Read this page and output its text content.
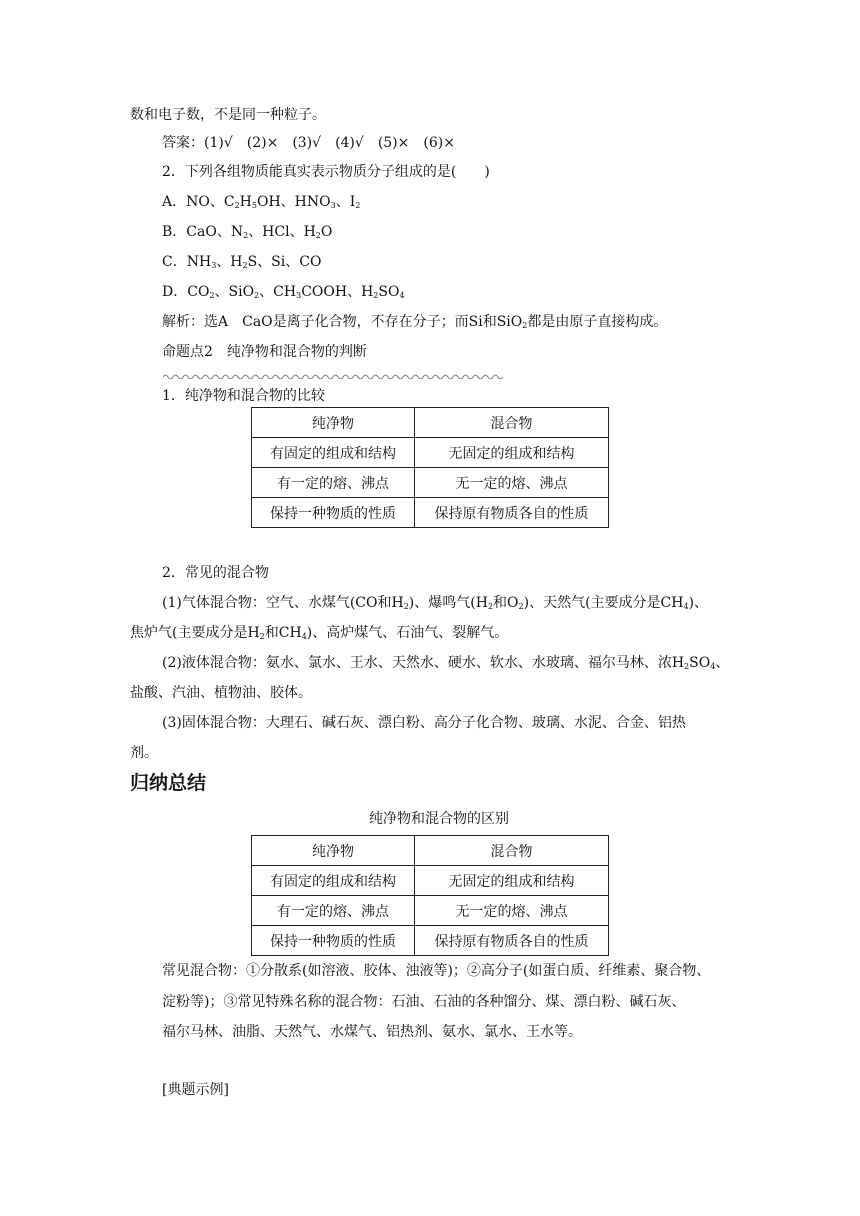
数和电子数，不是同一种粒子。
答案：(1)√　(2)×　(3)√　(4)√　(5)×　(6)×
2．下列各组物质能真实表示物质分子组成的是(　　)
A．NO、$C_2H_5OH$、$HNO_3$、$I_2$
B．CaO、$N_2$、HCl、$H_2O$
C．$NH_3$、$H_2S$、Si、CO
D．$CO_2$、SiO$_2$、$CH_3COOH$、$H_2SO_4$
解析：选A　CaO是离子化合物，不存在分子；而Si和SiO$_2$都是由原子直接构成。
命题点2　纯净物和混合物的判断
1．纯净物和混合物的比较
纯净物	混合物
有固定的组成和结构	无固定的组成和结构
有一定的熔、沸点	无一定的熔、沸点
保持一种物质的性质	保持原有物质各自的性质
2．常见的混合物
(1)气体混合物：空气、水煤气(CO和$H_2$)、爆鸣气($H_2$和$O_2$)、天然气(主要成分是$CH_4$)、
焦炉气(主要成分是$H_2$和$CH_4$)、高炉煤气、石油气、裂解气。
(2)液体混合物：氨水、氯水、王水、天然水、硬水、软水、水玻璃、福尔马林、浓$H_2SO_4$、
盐酸、汽油、植物油、胶体。
(3)固体混合物：大理石、碱石灰、漂白粉、高分子化合物、玻璃、水泥、合金、铝热
剂。
归纳总结
纯净物和混合物的区别
纯净物	混合物
有固定的组成和结构	无固定的组成和结构
有一定的熔、沸点	无一定的熔、沸点
保持一种物质的性质	保持原有物质各自的性质
常见混合物：①分散系(如溶液、胶体、浊液等)；②高分子(如蛋白质、纤维素、聚合物、
淀粉等)；③常见特殊名称的混合物：石油、石油的各种馏分、煤、漂白粉、碱石灰、
福尔马林、油脂、天然气、水煤气、铝热剂、氨水、氯水、王水等。
[典题示例]
